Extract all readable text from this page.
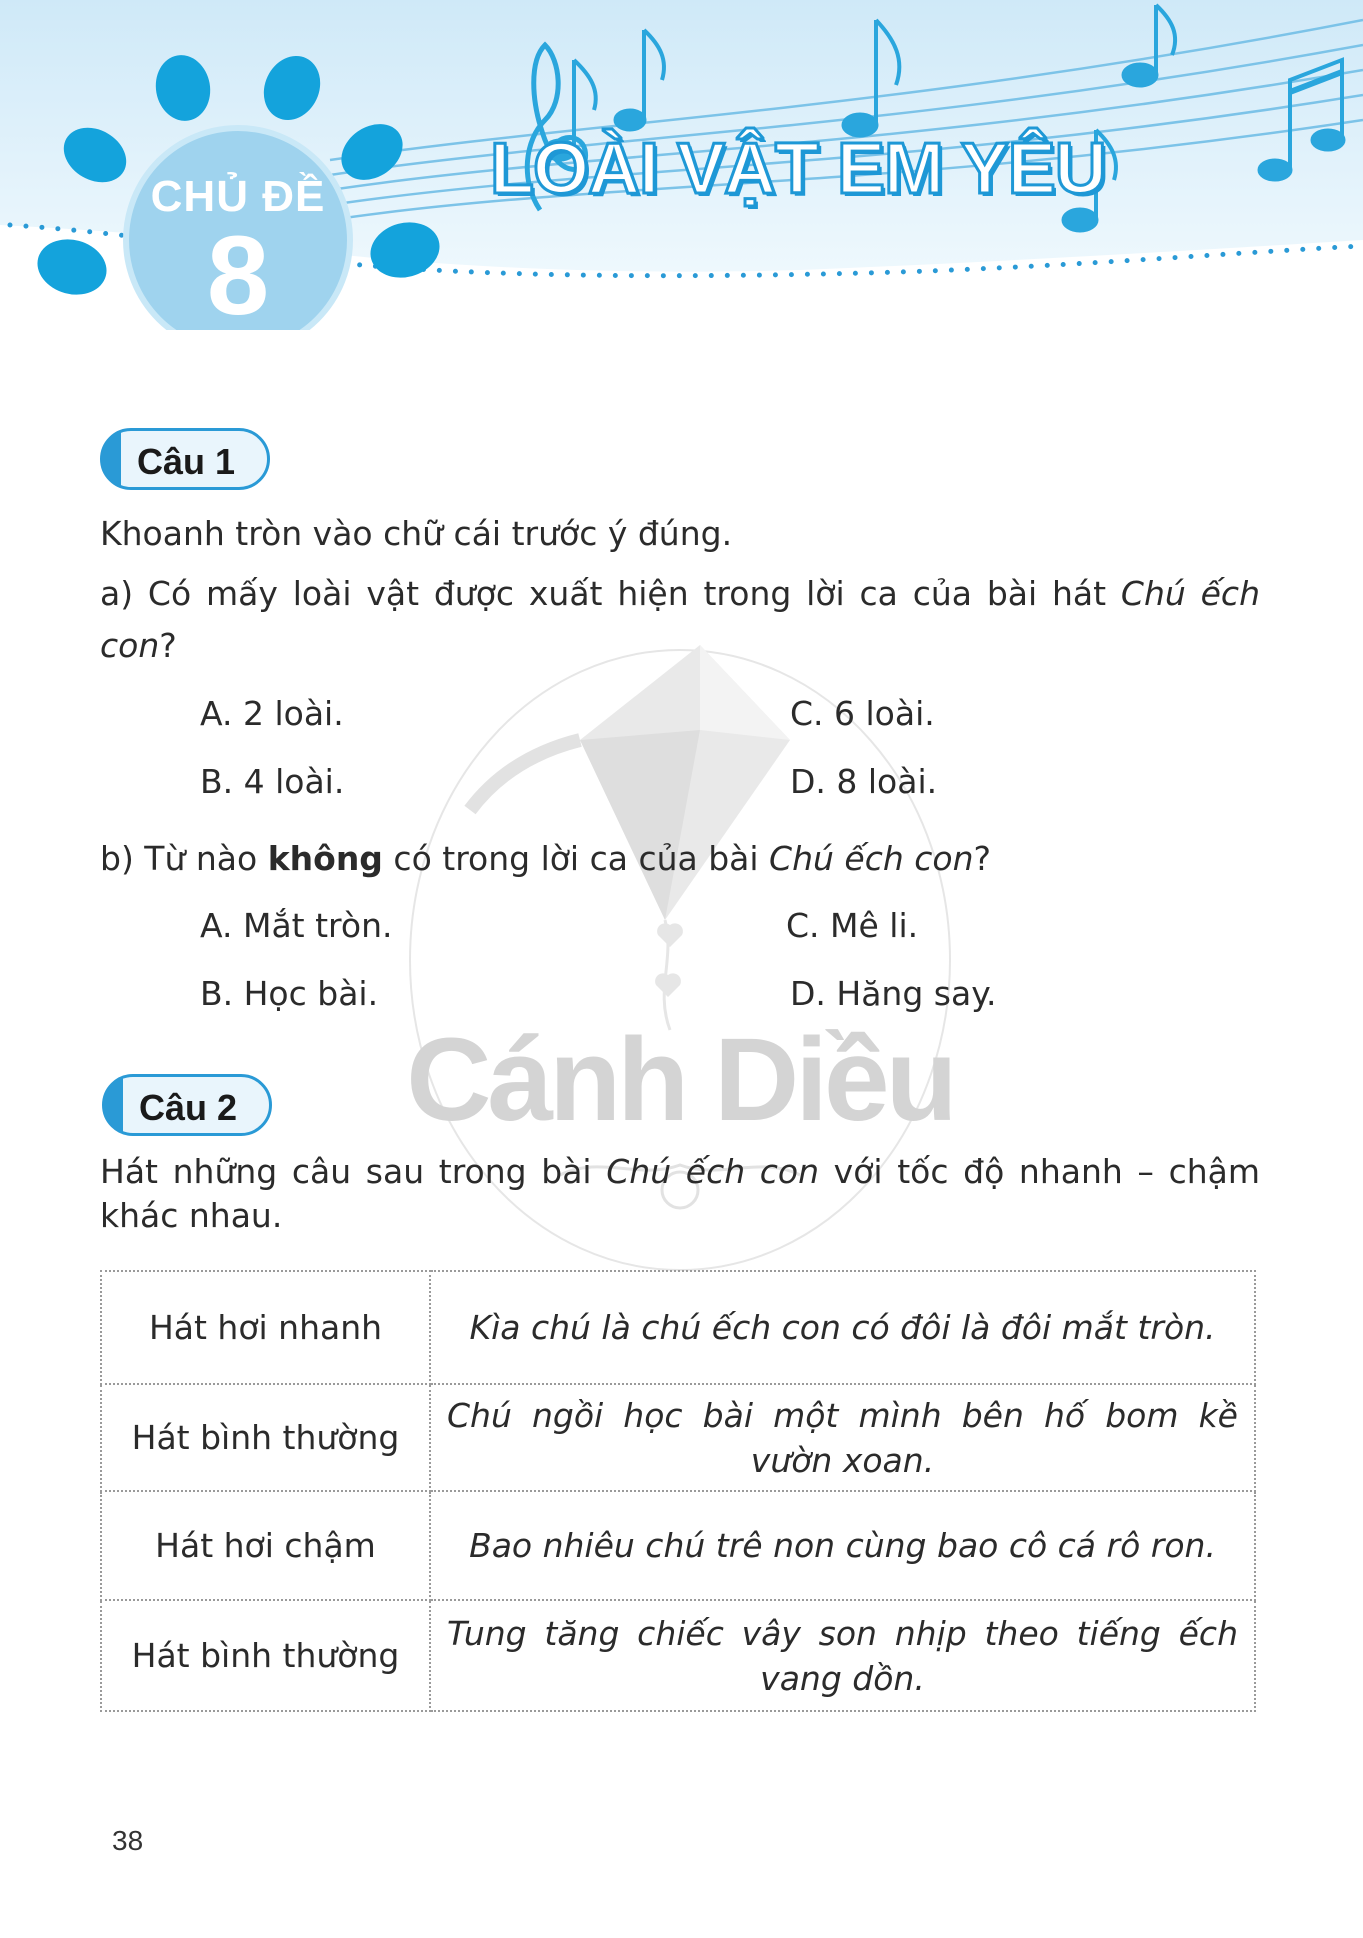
CHỦ ĐỀ
8
LOÀI VẬT EM YÊU
Cánh Diều
Câu 1
Khoanh tròn vào chữ cái trước ý đúng.
a) Có mấy loài vật được xuất hiện trong lời ca của bài hát Chú ếch con?
A. 2 loài.	C. 6 loài.
B. 4 loài.	D. 8 loài.
b) Từ nào không có trong lời ca của bài Chú ếch con?
A. Mắt tròn.	C. Mê li.
B. Học bài.	D. Hăng say.
Câu 2
Hát những câu sau trong bài Chú ếch con với tốc độ nhanh – chậm khác nhau.
Hát hơi nhanh	Kìa chú là chú ếch con có đôi là đôi mắt tròn.
Hát bình thường	Chú ngồi học bài một mình bên hố bom kề vườn xoan.
Hát hơi chậm	Bao nhiêu chú trê non cùng bao cô cá rô ron.
Hát bình thường	Tung tăng chiếc vây son nhịp theo tiếng ếch vang dồn.
38
